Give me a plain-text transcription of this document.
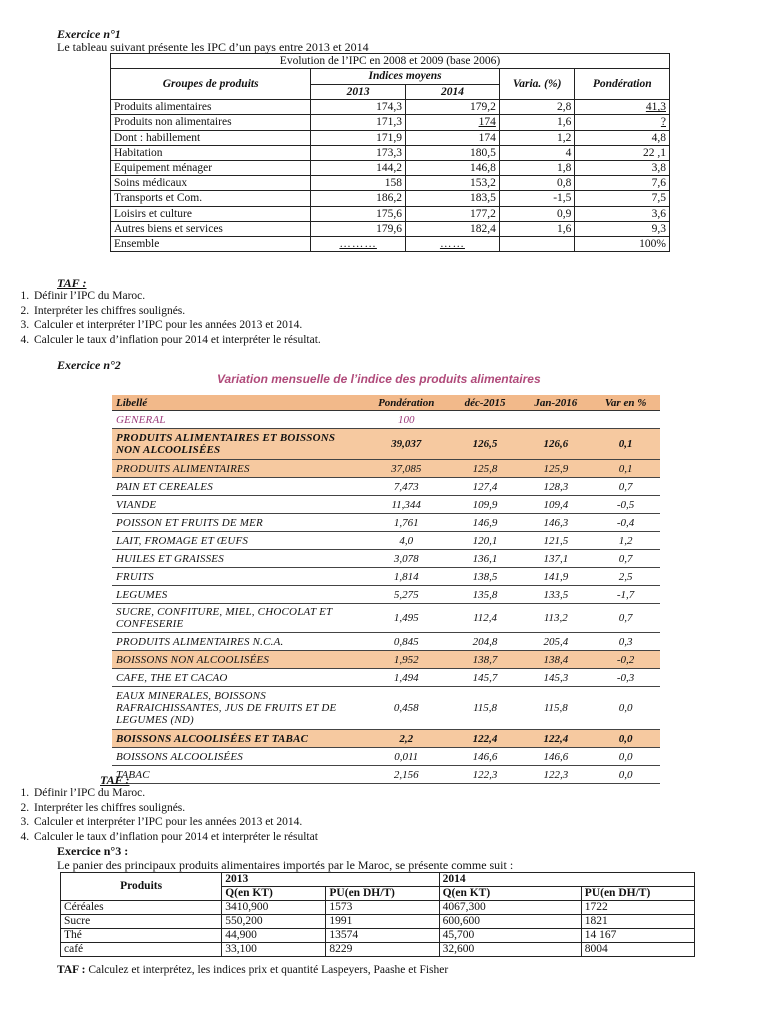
Exercice n°1
Le tableau suivant présente les IPC d’un pays entre 2013 et 2014
Evolution de l’IPC en 2008 et 2009 (base 2006)				
Groupes de produits	Indices moyens		Varia. (%)	Pondération
	2013	2014		
Produits alimentaires	174,3	179,2	2,8	41,3
Produits non alimentaires	171,3	174	1,6	?
Dont : habillement	171,9	174	1,2	4,8
Habitation	173,3	180,5	4	22 ,1
Equipement ménager	144,2	146,8	1,8	3,8
Soins médicaux	158	153,2	0,8	7,6
Transports et Com.	186,2	183,5	-1,5	7,5
Loisirs et culture	175,6	177,2	0,9	3,6
Autres biens et services	179,6	182,4	1,6	9,3
Ensemble	………	……		100%
TAF :
1. Définir l’IPC du Maroc.
2. Interpréter les chiffres soulignés.
3. Calculer et interpréter l’IPC pour les années 2013 et 2014.
4. Calculer le taux d’inflation pour 2014 et interpréter le résultat.
Exercice n°2
Variation mensuelle de l’indice des produits alimentaires
Libellé	Pondération	déc-2015	Jan-2016	Var en %
GENERAL	100			
PRODUITS ALIMENTAIRES ET BOISSONS NON ALCOOLISÉES	39,037	126,5	126,6	0,1
PRODUITS ALIMENTAIRES	37,085	125,8	125,9	0,1
PAIN ET CEREALES	7,473	127,4	128,3	0,7
VIANDE	11,344	109,9	109,4	-0,5
POISSON ET FRUITS DE MER	1,761	146,9	146,3	-0,4
LAIT, FROMAGE ET ŒUFS	4,0	120,1	121,5	1,2
HUILES ET GRAISSES	3,078	136,1	137,1	0,7
FRUITS	1,814	138,5	141,9	2,5
LEGUMES	5,275	135,8	133,5	-1,7
SUCRE, CONFITURE, MIEL, CHOCOLAT ET CONFESERIE	1,495	112,4	113,2	0,7
PRODUITS ALIMENTAIRES N.C.A.	0,845	204,8	205,4	0,3
BOISSONS NON ALCOOLISÉES	1,952	138,7	138,4	-0,2
CAFE, THE ET CACAO	1,494	145,7	145,3	-0,3
EAUX MINERALES, BOISSONS RAFRAICHISSANTES, JUS DE FRUITS ET DE LEGUMES (ND)	0,458	115,8	115,8	0,0
BOISSONS ALCOOLISÉES ET TABAC	2,2	122,4	122,4	0,0
BOISSONS ALCOOLISÉES	0,011	146,6	146,6	0,0
TABAC	2,156	122,3	122,3	0,0
TAF :
1. Définir l’IPC du Maroc.
2. Interpréter les chiffres soulignés.
3. Calculer et interpréter l’IPC pour les années 2013 et 2014.
4. Calculer le taux d’inflation pour 2014 et interpréter le résultat
Exercice n°3 :
Le panier des principaux produits alimentaires importés par le Maroc, se présente comme suit :
Produits	2013		2014	
	Q(en KT)	PU(en DH/T)	Q(en KT)	PU(en DH/T)
Céréales	3410,900	1573	4067,300	1722
Sucre	550,200	1991	600,600	1821
Thé	44,900	13574	45,700	14 167
café	33,100	8229	32,600	8004
TAF : Calculez et interprétez, les indices prix et quantité Laspeyers, Paashe et Fisher
